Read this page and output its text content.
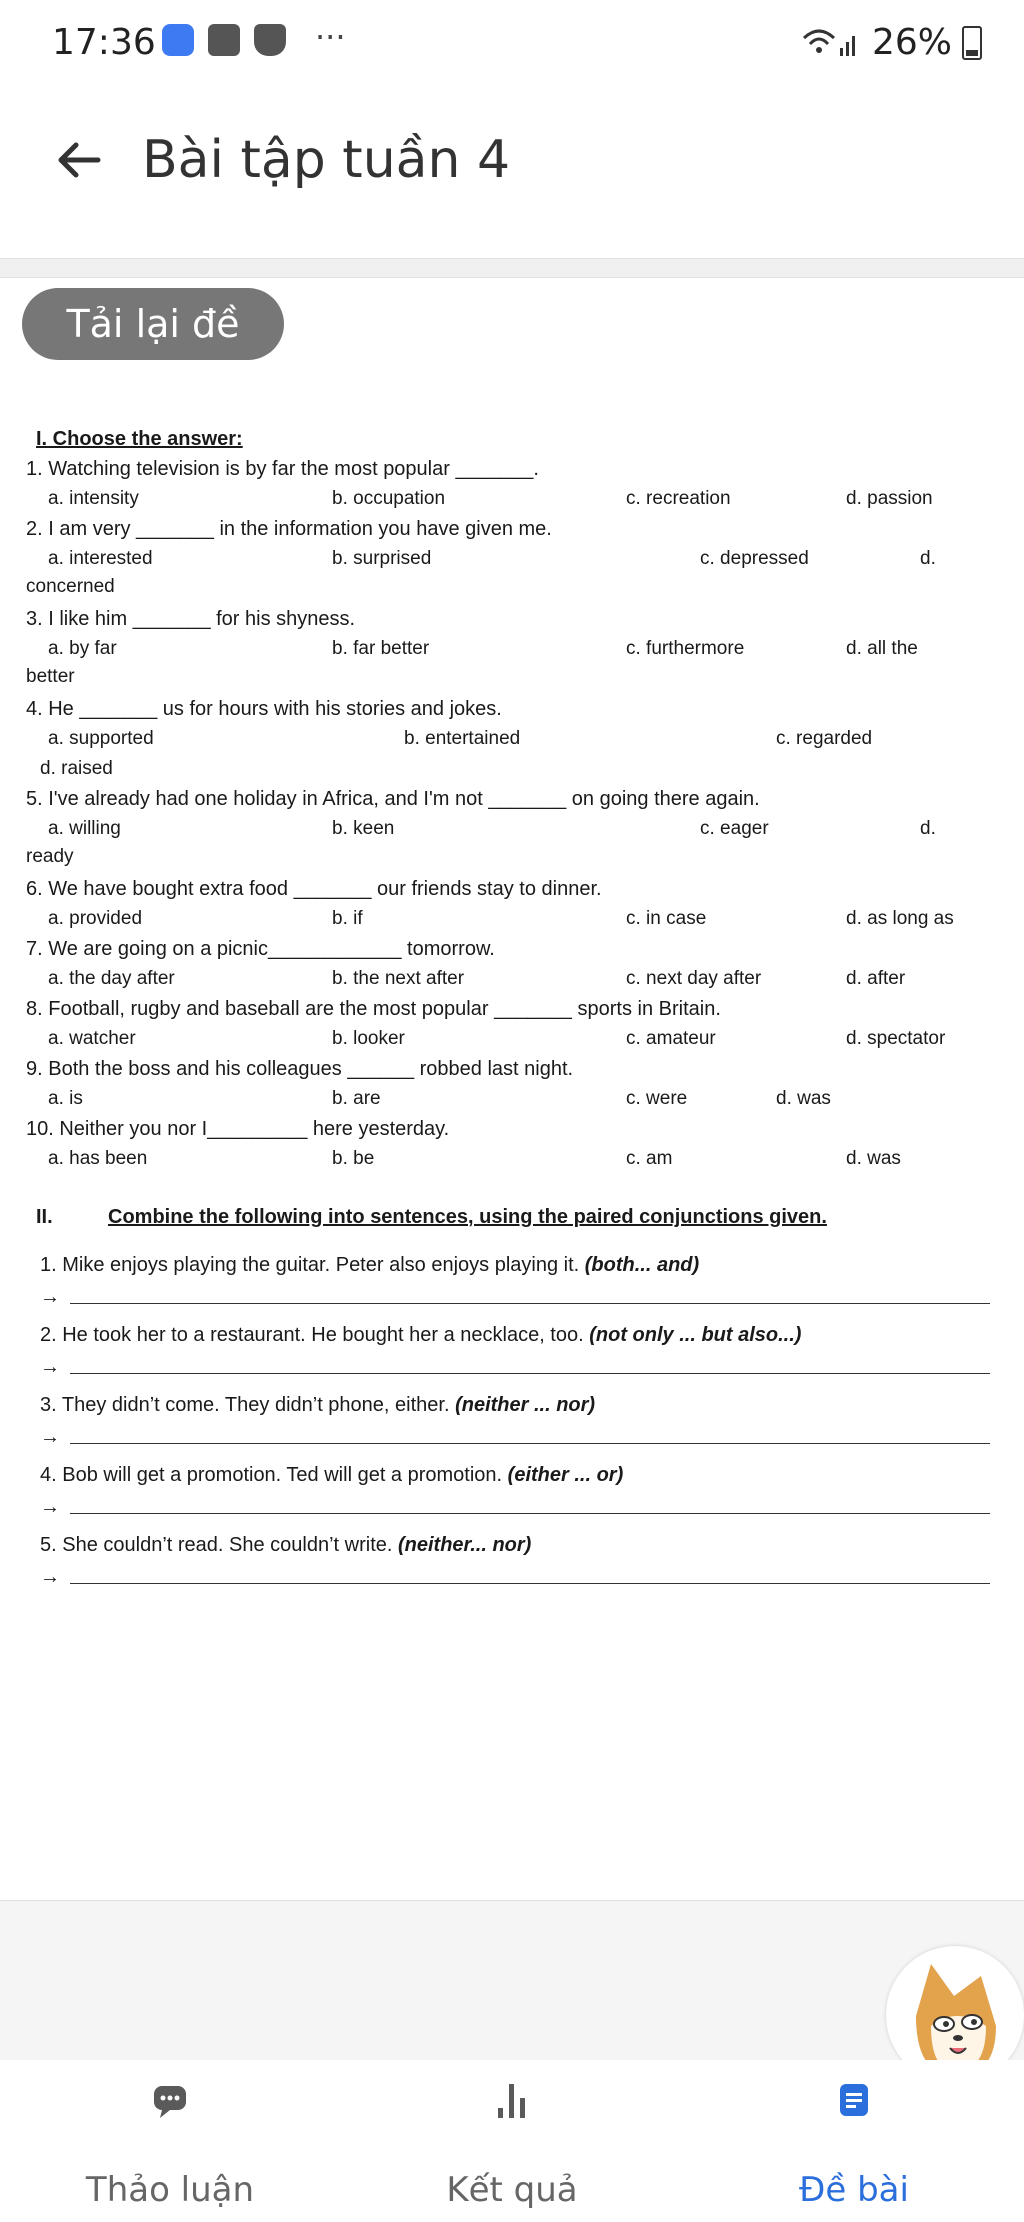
17:36	···	26%
Bài tập tuần 4
Tải lại đề
I. Choose the answer:
1. Watching television is by far the most popular _______.
a. intensity	b. occupation	c. recreation	d. passion
2. I am very _______ in the information you have given me.
a. interested	b. surprised	c. depressed	d.
concerned
3. I like him _______ for his shyness.
a. by far	b. far better	c. furthermore	d. all the
better
4. He _______ us for hours with his stories and jokes.
a. supported	b. entertained	c. regarded
d. raised
5. I've already had one holiday in Africa, and I'm not _______ on going there again.
a. willing	b. keen	c. eager	d.
ready
6. We have bought extra food _______ our friends stay to dinner.
a. provided	b. if	c. in case	d. as long as
7. We are going on a picnic____________ tomorrow.
a. the day after	b. the next after	c. next day after	d. after
8. Football, rugby and baseball are the most popular _______ sports in Britain.
a. watcher	b. looker	c. amateur	d. spectator
9. Both the boss and his colleagues ______ robbed last night.
a. is	b. are	c. were	d. was
10. Neither you nor I_________ here yesterday.
a. has been	b. be	c. am	d. was
II.	Combine the following into sentences, using the paired conjunctions given.
1. Mike enjoys playing the guitar. Peter also enjoys playing it. (both... and)
→
2. He took her to a restaurant. He bought her a necklace, too. (not only ... but also...)
→
3. They didn’t come. They didn’t phone, either. (neither ... nor)
→
4. Bob will get a promotion. Ted will get a promotion. (either ... or)
→
5. She couldn’t read. She couldn’t write. (neither... nor)
→
Thảo luận	Kết quả	Đề bài
